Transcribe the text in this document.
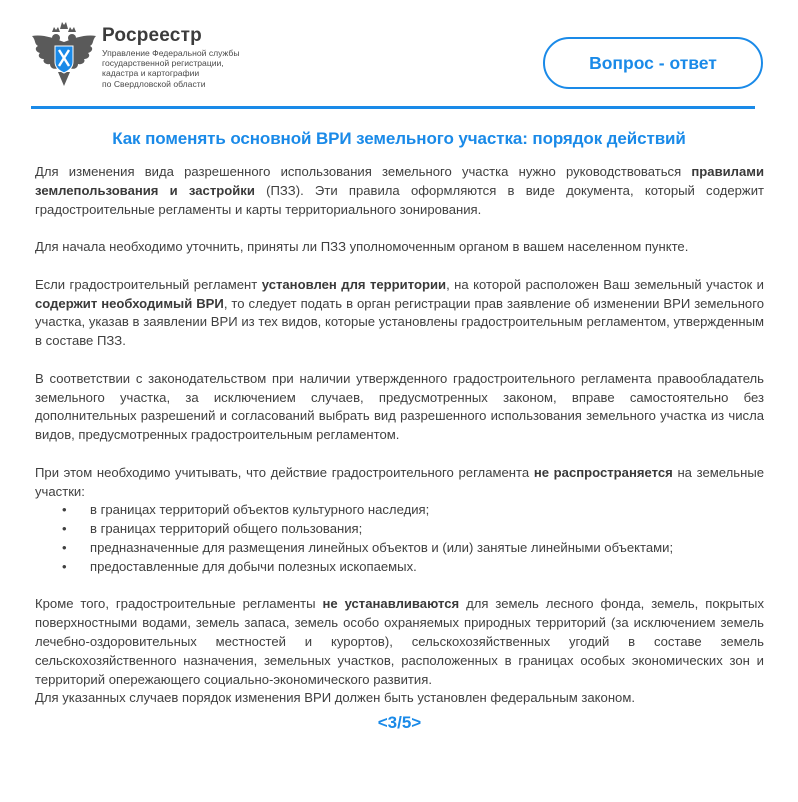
Росреестр
Управление Федеральной службы
государственной регистрации,
кадастра и картографии
по Свердловской области
Вопрос - ответ
Как поменять основной ВРИ земельного участка: порядок действий

Для изменения вида разрешенного использования земельного участка нужно руководствоваться правилами землепользования и застройки (ПЗЗ). Эти правила оформляются в виде документа, который содержит градостроительные регламенты и карты территориального зонирования.

Для начала необходимо уточнить, приняты ли ПЗЗ уполномоченным органом в вашем населенном пункте.

Если градостроительный регламент установлен для территории, на которой расположен Ваш земельный участок и содержит необходимый ВРИ, то следует подать в орган регистрации прав заявление об изменении ВРИ земельного участка, указав в заявлении ВРИ из тех видов, которые установлены градостроительным регламентом, утвержденным в составе ПЗЗ.

В соответствии с законодательством при наличии утвержденного градостроительного регламента правообладатель земельного участка, за исключением случаев, предусмотренных законом, вправе самостоятельно без дополнительных разрешений и согласований выбрать вид разрешенного использования земельного участка из числа видов, предусмотренных градостроительным регламентом.

При этом необходимо учитывать, что действие градостроительного регламента не распространяется на земельные участки:

• в границах территорий объектов культурного наследия;
• в границах территорий общего пользования;
• предназначенные для размещения линейных объектов и (или) занятые линейными объектами;
• предоставленные для добычи полезных ископаемых.

Кроме того, градостроительные регламенты не устанавливаются для земель лесного фонда, земель, покрытых поверхностными водами, земель запаса, земель особо охраняемых природных территорий (за исключением земель лечебно-оздоровительных местностей и курортов), сельскохозяйственных угодий в составе земель сельскохозяйственного назначения, земельных участков, расположенных в границах особых экономических зон и территорий опережающего социально-экономического развития.

Для указанных случаев порядок изменения ВРИ должен быть установлен федеральным законом.

<3/5>
